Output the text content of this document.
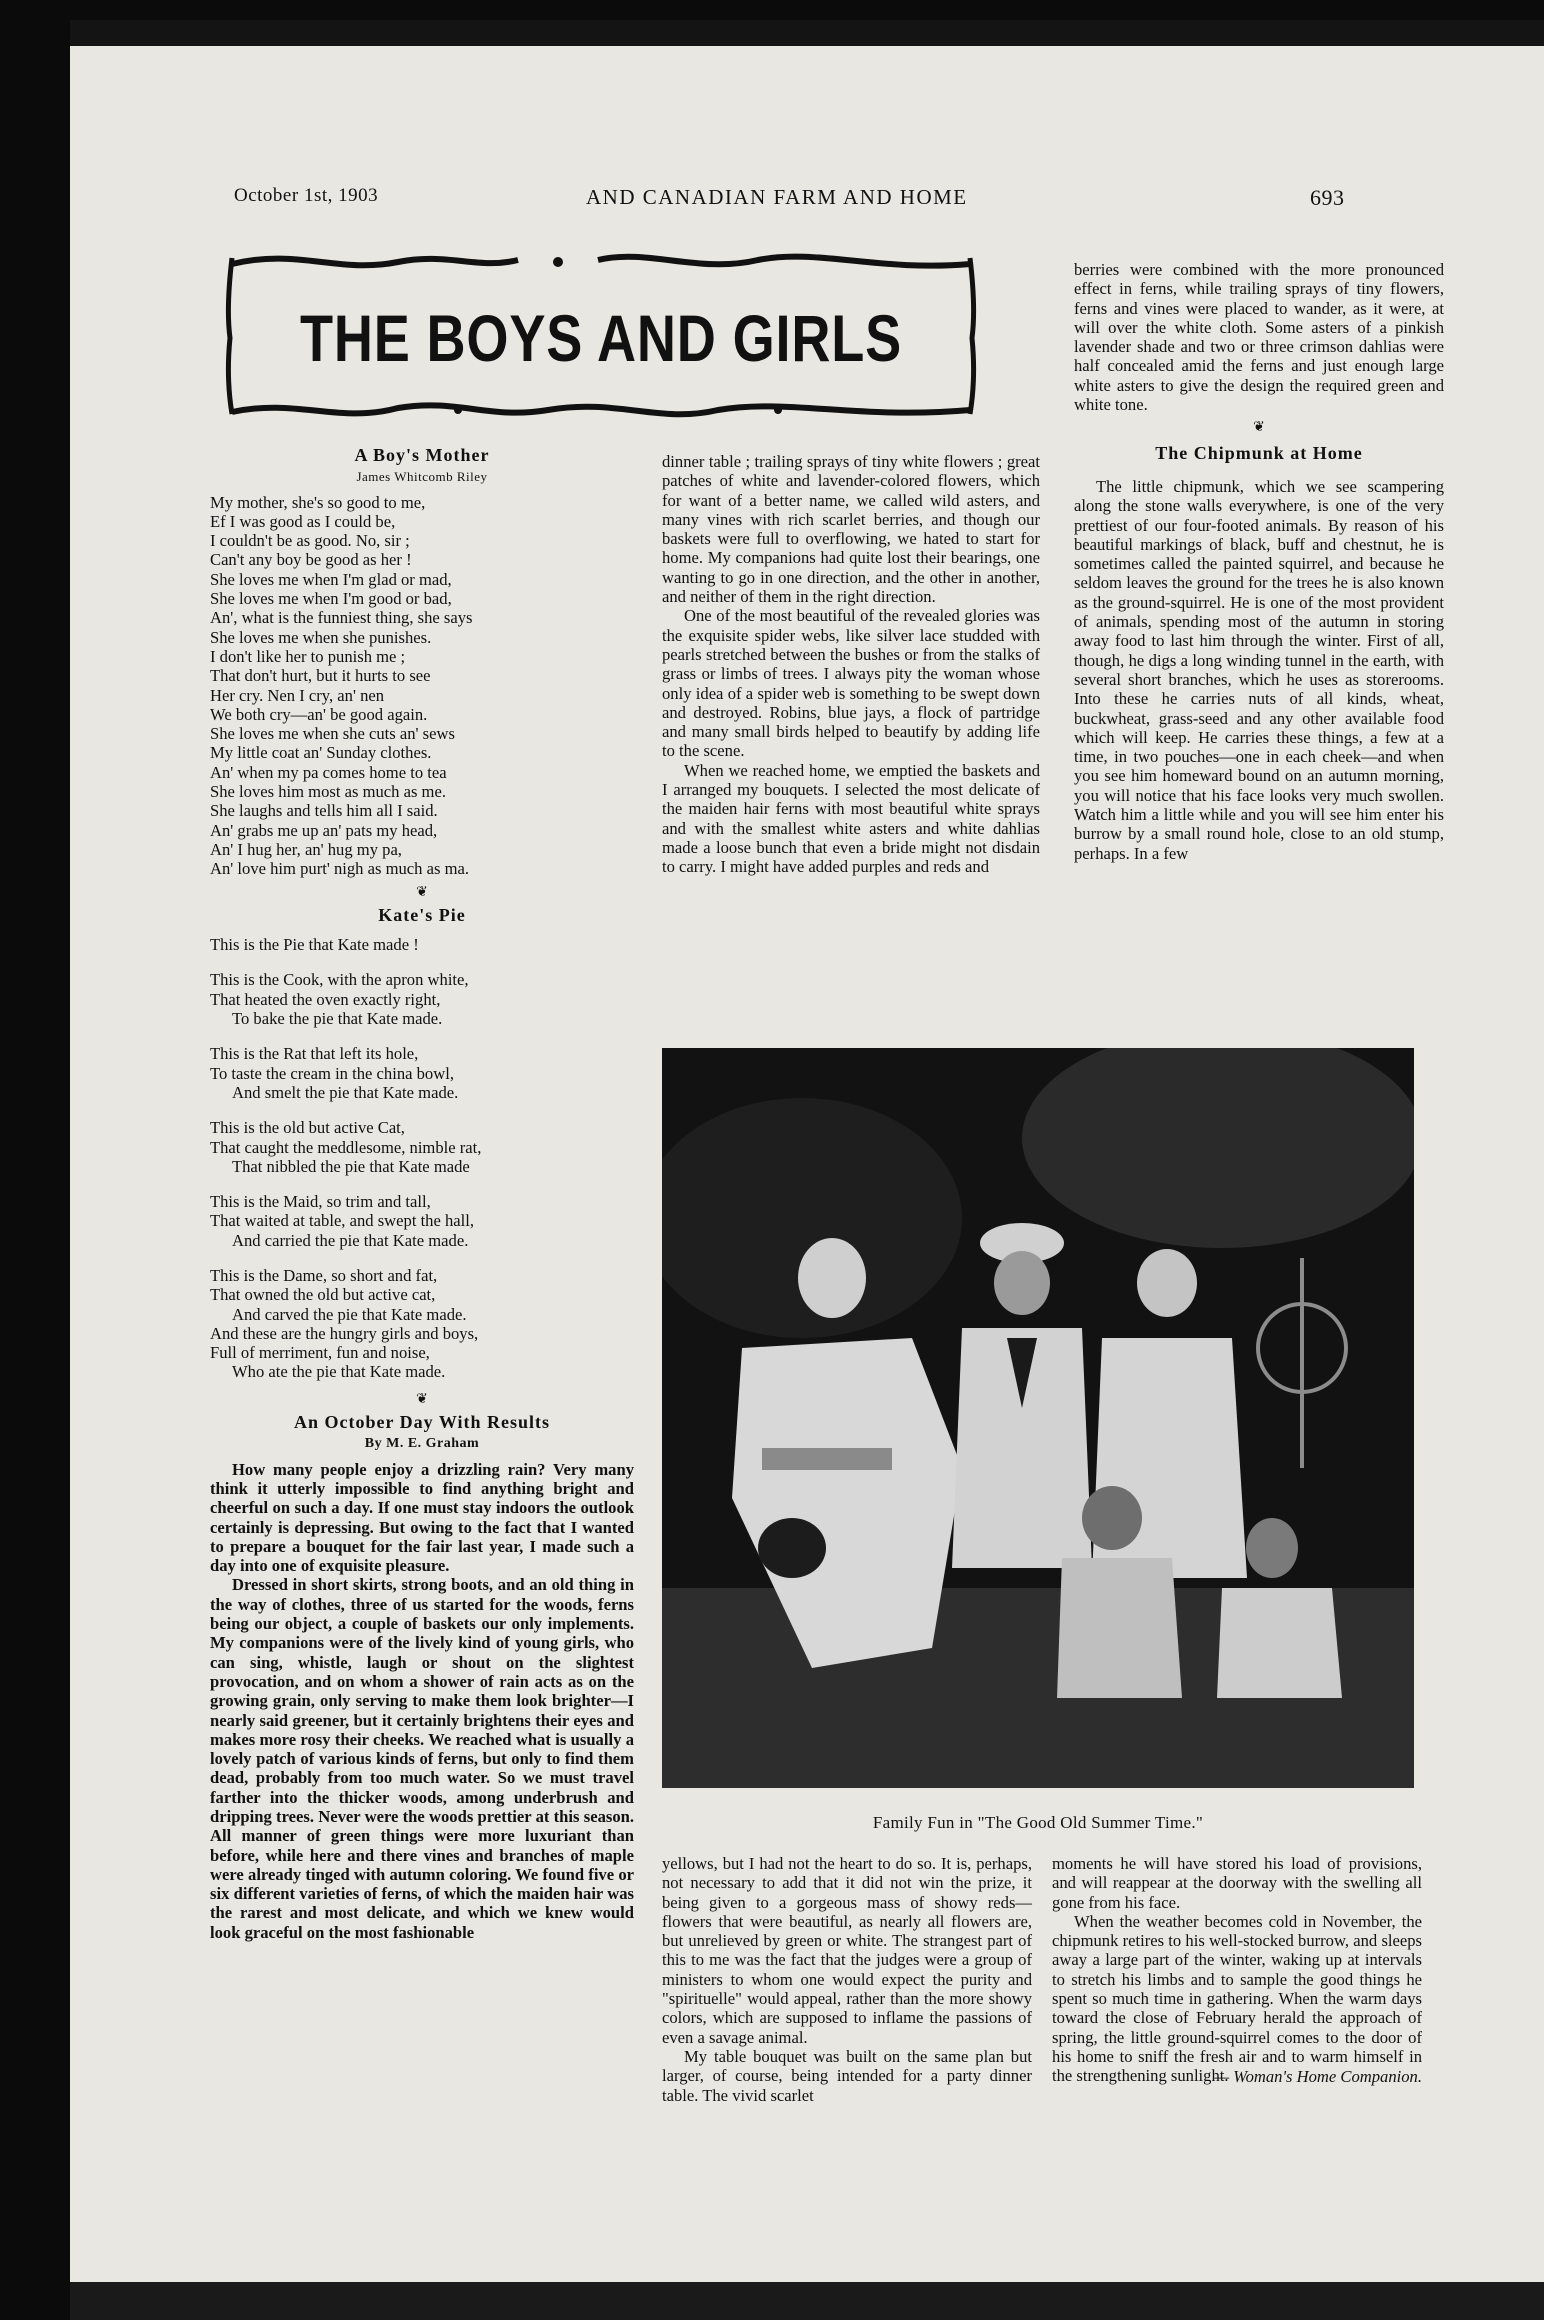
October 1st, 1903	AND CANADIAN FARM AND HOME	693
THE BOYS AND GIRLS
A Boy's Mother
James Whitcomb Riley
My mother, she's so good to me,
Ef I was good as I could be,
I couldn't be as good. No, sir ;
Can't any boy be good as her !
She loves me when I'm glad or mad,
She loves me when I'm good or bad,
An', what is the funniest thing, she says
She loves me when she punishes.
I don't like her to punish me ;
That don't hurt, but it hurts to see
Her cry. Nen I cry, an' nen
We both cry—an' be good again.
She loves me when she cuts an' sews
My little coat an' Sunday clothes.
An' when my pa comes home to tea
She loves him most as much as me.
She laughs and tells him all I said.
An' grabs me up an' pats my head,
An' I hug her, an' hug my pa,
An' love him purt' nigh as much as ma.
❦
Kate's Pie
This is the Pie that Kate made !
This is the Cook, with the apron white,
That heated the oven exactly right,
To bake the pie that Kate made.
This is the Rat that left its hole,
To taste the cream in the china bowl,
And smelt the pie that Kate made.
This is the old but active Cat,
That caught the meddlesome, nimble rat,
That nibbled the pie that Kate made
This is the Maid, so trim and tall,
That waited at table, and swept the hall,
And carried the pie that Kate made.
This is the Dame, so short and fat,
That owned the old but active cat,
And carved the pie that Kate made.
And these are the hungry girls and boys,
Full of merriment, fun and noise,
Who ate the pie that Kate made.
❦
An October Day With Results
By M. E. Graham

How many people enjoy a drizzling rain? Very many think it utterly impossible to find anything bright and cheerful on such a day. If one must stay indoors the outlook certainly is depressing. But owing to the fact that I wanted to prepare a bouquet for the fair last year, I made such a day into one of exquisite pleasure.

Dressed in short skirts, strong boots, and an old thing in the way of clothes, three of us started for the woods, ferns being our object, a couple of baskets our only implements. My companions were of the lively kind of young girls, who can sing, whistle, laugh or shout on the slightest provocation, and on whom a shower of rain acts as on the growing grain, only serving to make them look brighter—I nearly said greener, but it certainly brightens their eyes and makes more rosy their cheeks. We reached what is usually a lovely patch of various kinds of ferns, but only to find them dead, probably from too much water. So we must travel farther into the thicker woods, among underbrush and dripping trees. Never were the woods prettier at this season. All manner of green things were more luxuriant than before, while here and there vines and branches of maple were already tinged with autumn coloring. We found five or six different varieties of ferns, of which the maiden hair was the rarest and most delicate, and which we knew would look graceful on the most fashionable

dinner table ; trailing sprays of tiny white flowers ; great patches of white and lavender-colored flowers, which for want of a better name, we called wild asters, and many vines with rich scarlet berries, and though our baskets were full to overflowing, we hated to start for home. My companions had quite lost their bearings, one wanting to go in one direction, and the other in another, and neither of them in the right direction.

One of the most beautiful of the revealed glories was the exquisite spider webs, like silver lace studded with pearls stretched between the bushes or from the stalks of grass or limbs of trees. I always pity the woman whose only idea of a spider web is something to be swept down and destroyed. Robins, blue jays, a flock of partridge and many small birds helped to beautify by adding life to the scene.

When we reached home, we emptied the baskets and I arranged my bouquets. I selected the most delicate of the maiden hair ferns with most beautiful white sprays and with the smallest white asters and white dahlias made a loose bunch that even a bride might not disdain to carry. I might have added purples and reds and

berries were combined with the more pronounced effect in ferns, while trailing sprays of tiny flowers, ferns and vines were placed to wander, as it were, at will over the white cloth. Some asters of a pinkish lavender shade and two or three crimson dahlias were half concealed amid the ferns and just enough large white asters to give the design the required green and white tone.

❦
The Chipmunk at Home

The little chipmunk, which we see scampering along the stone walls everywhere, is one of the very prettiest of our four-footed animals. By reason of his beautiful markings of black, buff and chestnut, he is sometimes called the painted squirrel, and because he seldom leaves the ground for the trees he is also known as the ground-squirrel. He is one of the most provident of animals, spending most of the autumn in storing away food to last him through the winter. First of all, though, he digs a long winding tunnel in the earth, with several short branches, which he uses as storerooms. Into these he carries nuts of all kinds, wheat, buckwheat, grass-seed and any other available food which will keep. He carries these things, a few at a time, in two pouches—one in each cheek—and when you see him homeward bound on an autumn morning, you will notice that his face looks very much swollen. Watch him a little while and you will see him enter his burrow by a small round hole, close to an old stump, perhaps. In a few

Family Fun in "The Good Old Summer Time."

yellows, but I had not the heart to do so. It is, perhaps, not necessary to add that it did not win the prize, it being given to a gorgeous mass of showy reds—flowers that were beautiful, as nearly all flowers are, but unrelieved by green or white. The strangest part of this to me was the fact that the judges were a group of ministers to whom one would expect the purity and "spirituelle" would appeal, rather than the more showy colors, which are supposed to inflame the passions of even a savage animal.

My table bouquet was built on the same plan but larger, of course, being intended for a party dinner table. The vivid scarlet

moments he will have stored his load of provisions, and will reappear at the doorway with the swelling all gone from his face.

When the weather becomes cold in November, the chipmunk retires to his well-stocked burrow, and sleeps away a large part of the winter, waking up at intervals to stretch his limbs and to sample the good things he spent so much time in gathering. When the warm days toward the close of February herald the approach of spring, the little ground-squirrel comes to the door of his home to sniff the fresh air and to warm himself in the strengthening sunlight.

— Woman's Home Companion.
